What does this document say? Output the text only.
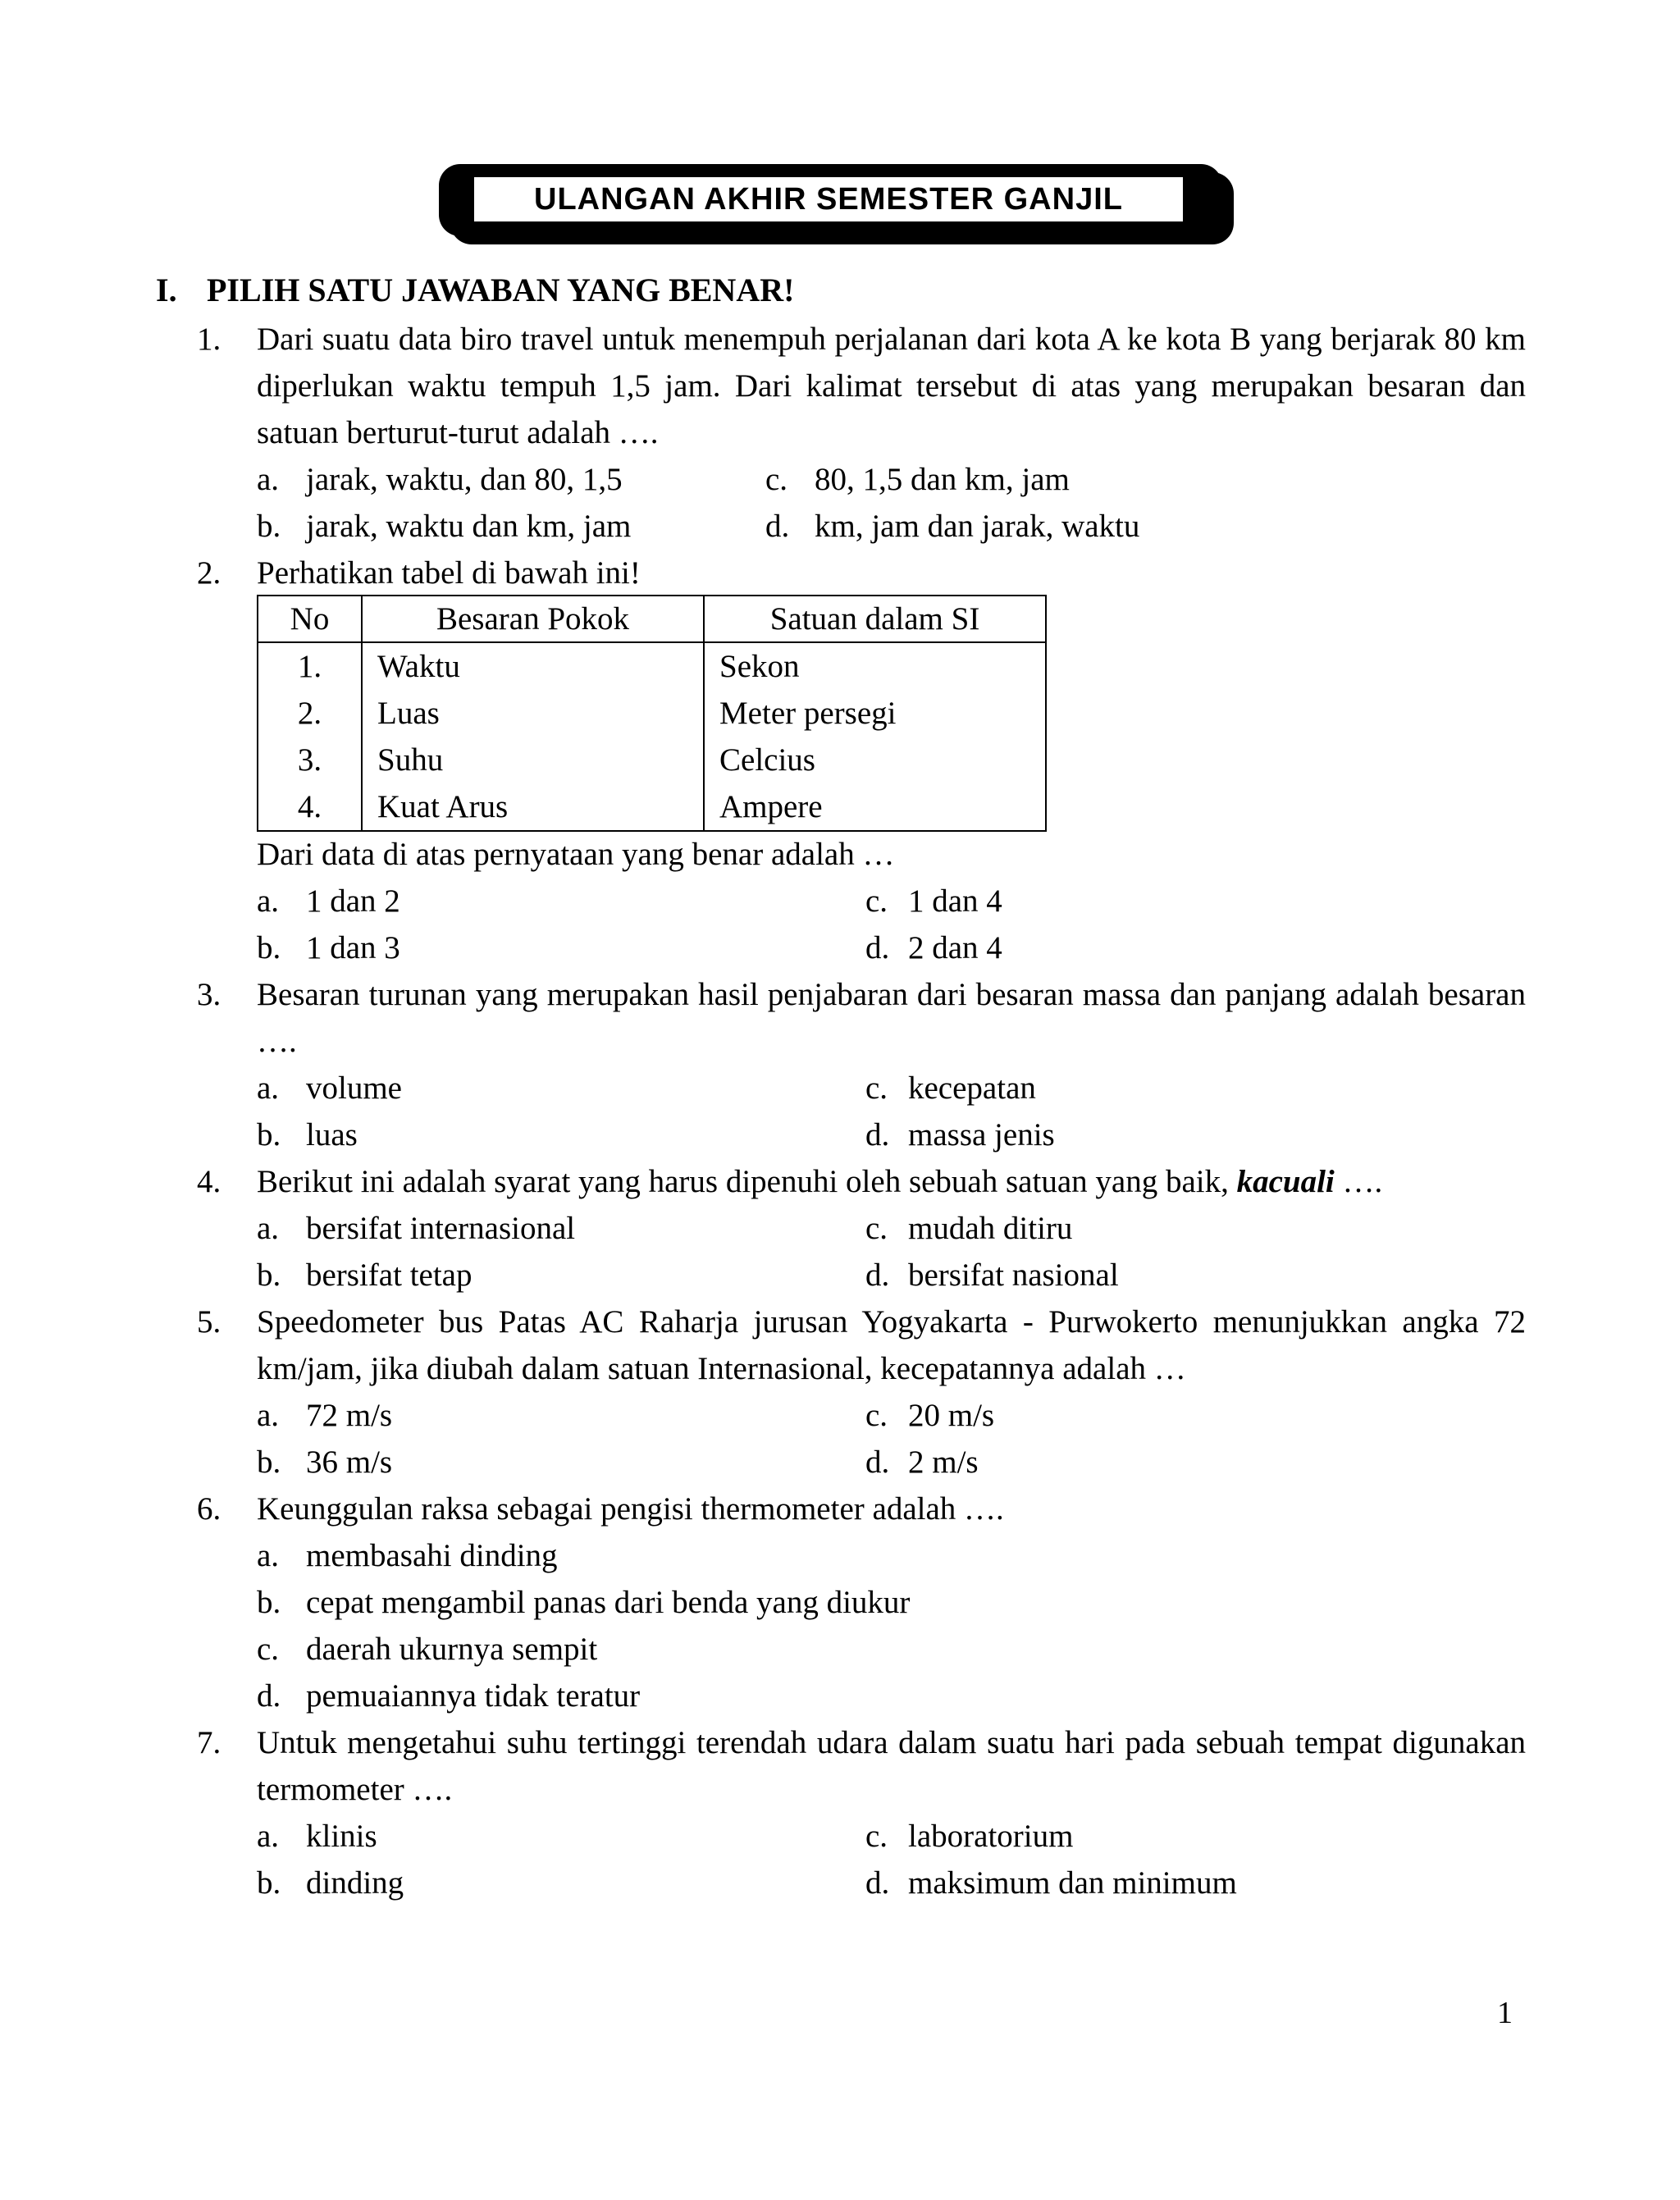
ULANGAN AKHIR SEMESTER GANJIL
I. PILIH SATU JAWABAN YANG BENAR!
1.	Dari suatu data biro travel untuk menempuh perjalanan dari kota A ke kota B yang berjarak 80 km diperlukan waktu tempuh 1,5 jam. Dari kalimat tersebut di atas yang merupakan besaran dan satuan berturut-turut adalah ….
a. jarak, waktu, dan 80, 1,5
b. jarak, waktu dan km, jam
c. 80, 1,5 dan km, jam
d. km, jam dan jarak, waktu
2.	Perhatikan tabel di bawah ini!
No	Besaran Pokok	Satuan dalam SI
1.	Waktu	Sekon
2.	Luas	Meter persegi
3.	Suhu	Celcius
4.	Kuat Arus	Ampere
Dari data di atas pernyataan yang benar adalah …
a. 1 dan 2
b. 1 dan 3
c. 1 dan 4
d. 2 dan 4
3.	Besaran turunan yang merupakan hasil penjabaran dari besaran massa dan panjang adalah besaran ….
a. volume
b. luas
c. kecepatan
d. massa jenis
4.	Berikut ini adalah syarat yang harus dipenuhi oleh sebuah satuan yang baik, kacuali ….
a. bersifat internasional
b. bersifat tetap
c. mudah ditiru
d. bersifat nasional
5.	Speedometer bus Patas AC Raharja jurusan Yogyakarta - Purwokerto menunjukkan angka 72 km/jam, jika diubah dalam satuan Internasional, kecepatannya adalah …
a. 72 m/s
b. 36 m/s
c. 20 m/s
d. 2 m/s
6.	Keunggulan raksa sebagai pengisi thermometer adalah ….
a. membasahi dinding
b. cepat mengambil panas dari benda yang diukur
c. daerah ukurnya sempit
d. pemuaiannya tidak teratur
7.	Untuk mengetahui suhu tertinggi terendah udara dalam suatu hari pada sebuah tempat digunakan termometer ….
a. klinis
b. dinding
c. laboratorium
d. maksimum dan minimum
1
